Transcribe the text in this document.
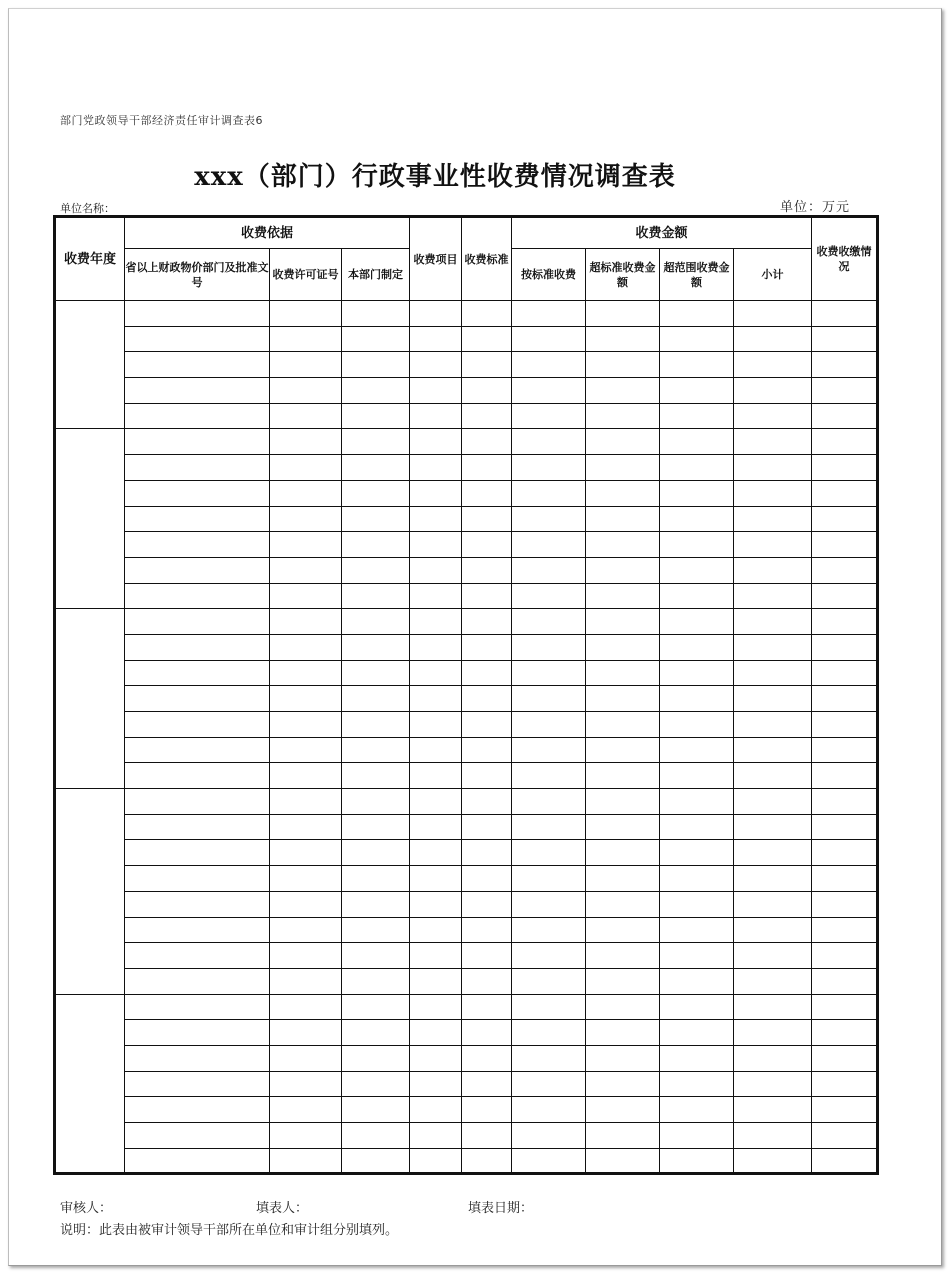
部门党政领导干部经济责任审计调查表6
xxx（部门）行政事业性收费情况调查表
单位名称：	单位：万元
收费年度	收费依据			收费项目	收费标准	收费金额				收费收缴情况
	省以上财政物价部门及批准文号	收费许可证号	本部门制定			按标准收费	超标准收费金额	超范围收费金额	小计	

审核人：	填表人：	填表日期：
说明：此表由被审计领导干部所在单位和审计组分别填列。
